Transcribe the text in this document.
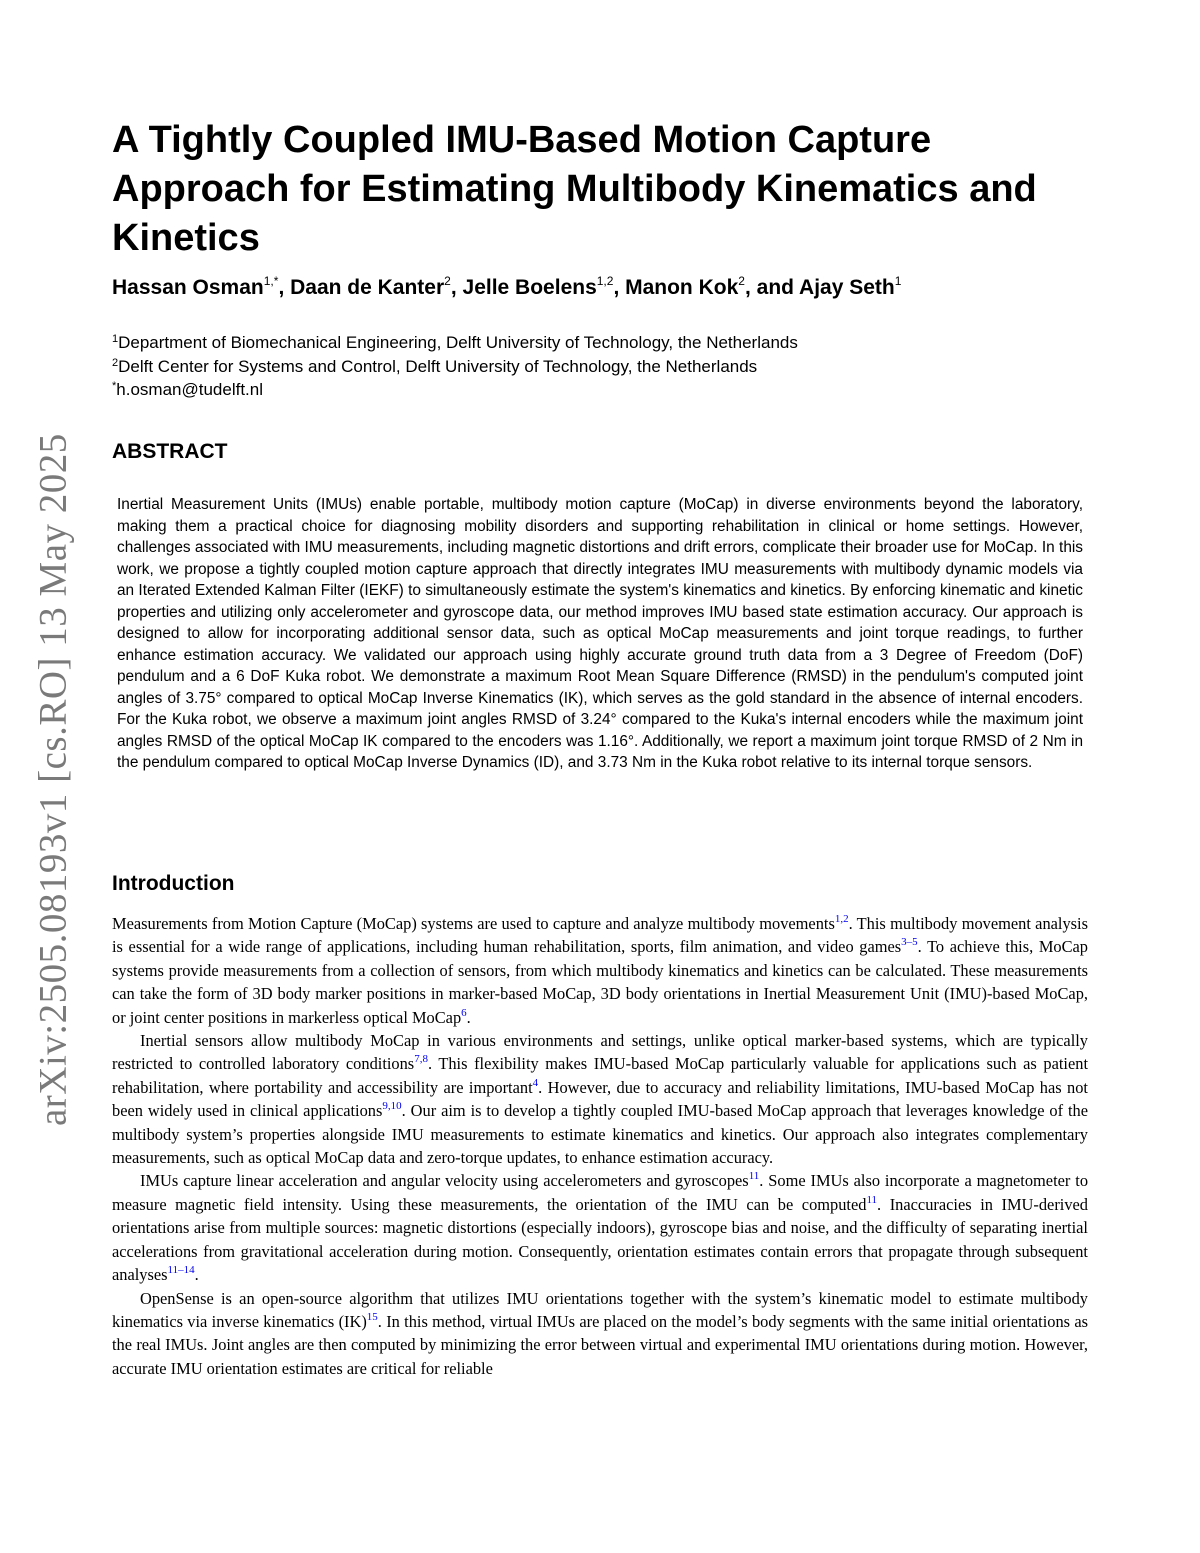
arXiv:2505.08193v1 [cs.RO] 13 May 2025
A Tightly Coupled IMU-Based Motion Capture Approach for Estimating Multibody Kinematics and Kinetics
Hassan Osman$^{1,*}$, Daan de Kanter$^2$, Jelle Boelens$^{1,2}$, Manon Kok$^2$, and Ajay Seth$^1$
$^1$Department of Biomechanical Engineering, Delft University of Technology, the Netherlands
$^2$Delft Center for Systems and Control, Delft University of Technology, the Netherlands
*h.osman@tudelft.nl
ABSTRACT

Inertial Measurement Units (IMUs) enable portable, multibody motion capture (MoCap) in diverse environments beyond the laboratory, making them a practical choice for diagnosing mobility disorders and supporting rehabilitation in clinical or home settings. However, challenges associated with IMU measurements, including magnetic distortions and drift errors, complicate their broader use for MoCap. In this work, we propose a tightly coupled motion capture approach that directly integrates IMU measurements with multibody dynamic models via an Iterated Extended Kalman Filter (IEKF) to simultaneously estimate the system's kinematics and kinetics. By enforcing kinematic and kinetic properties and utilizing only accelerometer and gyroscope data, our method improves IMU based state estimation accuracy. Our approach is designed to allow for incorporating additional sensor data, such as optical MoCap measurements and joint torque readings, to further enhance estimation accuracy. We validated our approach using highly accurate ground truth data from a 3 Degree of Freedom (DoF) pendulum and a 6 DoF Kuka robot. We demonstrate a maximum Root Mean Square Difference (RMSD) in the pendulum's computed joint angles of 3.75° compared to optical MoCap Inverse Kinematics (IK), which serves as the gold standard in the absence of internal encoders. For the Kuka robot, we observe a maximum joint angles RMSD of 3.24° compared to the Kuka's internal encoders while the maximum joint angles RMSD of the optical MoCap IK compared to the encoders was 1.16°. Additionally, we report a maximum joint torque RMSD of 2 Nm in the pendulum compared to optical MoCap Inverse Dynamics (ID), and 3.73 Nm in the Kuka robot relative to its internal torque sensors.

Introduction

Measurements from Motion Capture (MoCap) systems are used to capture and analyze multibody movements$^{1,2}$. This multibody movement analysis is essential for a wide range of applications, including human rehabilitation, sports, film animation, and video games$^{3-5}$. To achieve this, MoCap systems provide measurements from a collection of sensors, from which multibody kinematics and kinetics can be calculated. These measurements can take the form of 3D body marker positions in marker-based MoCap, 3D body orientations in Inertial Measurement Unit (IMU)-based MoCap, or joint center positions in markerless optical MoCap$^6$.

Inertial sensors allow multibody MoCap in various environments and settings, unlike optical marker-based systems, which are typically restricted to controlled laboratory conditions$^{7,8}$. This flexibility makes IMU-based MoCap particularly valuable for applications such as patient rehabilitation, where portability and accessibility are important$^4$. However, due to accuracy and reliability limitations, IMU-based MoCap has not been widely used in clinical applications$^{9,10}$. Our aim is to develop a tightly coupled IMU-based MoCap approach that leverages knowledge of the multibody system’s properties alongside IMU measurements to estimate kinematics and kinetics. Our approach also integrates complementary measurements, such as optical MoCap data and zero-torque updates, to enhance estimation accuracy.

IMUs capture linear acceleration and angular velocity using accelerometers and gyroscopes$^{11}$. Some IMUs also incorporate a magnetometer to measure magnetic field intensity. Using these measurements, the orientation of the IMU can be computed$^{11}$. Inaccuracies in IMU-derived orientations arise from multiple sources: magnetic distortions (especially indoors), gyroscope bias and noise, and the difficulty of separating inertial accelerations from gravitational acceleration during motion. Consequently, orientation estimates contain errors that propagate through subsequent analyses$^{11-14}$.

OpenSense is an open-source algorithm that utilizes IMU orientations together with the system’s kinematic model to estimate multibody kinematics via inverse kinematics (IK)$^{15}$. In this method, virtual IMUs are placed on the model’s body segments with the same initial orientations as the real IMUs. Joint angles are then computed by minimizing the error between virtual and experimental IMU orientations during motion. However, accurate IMU orientation estimates are critical for reliable
